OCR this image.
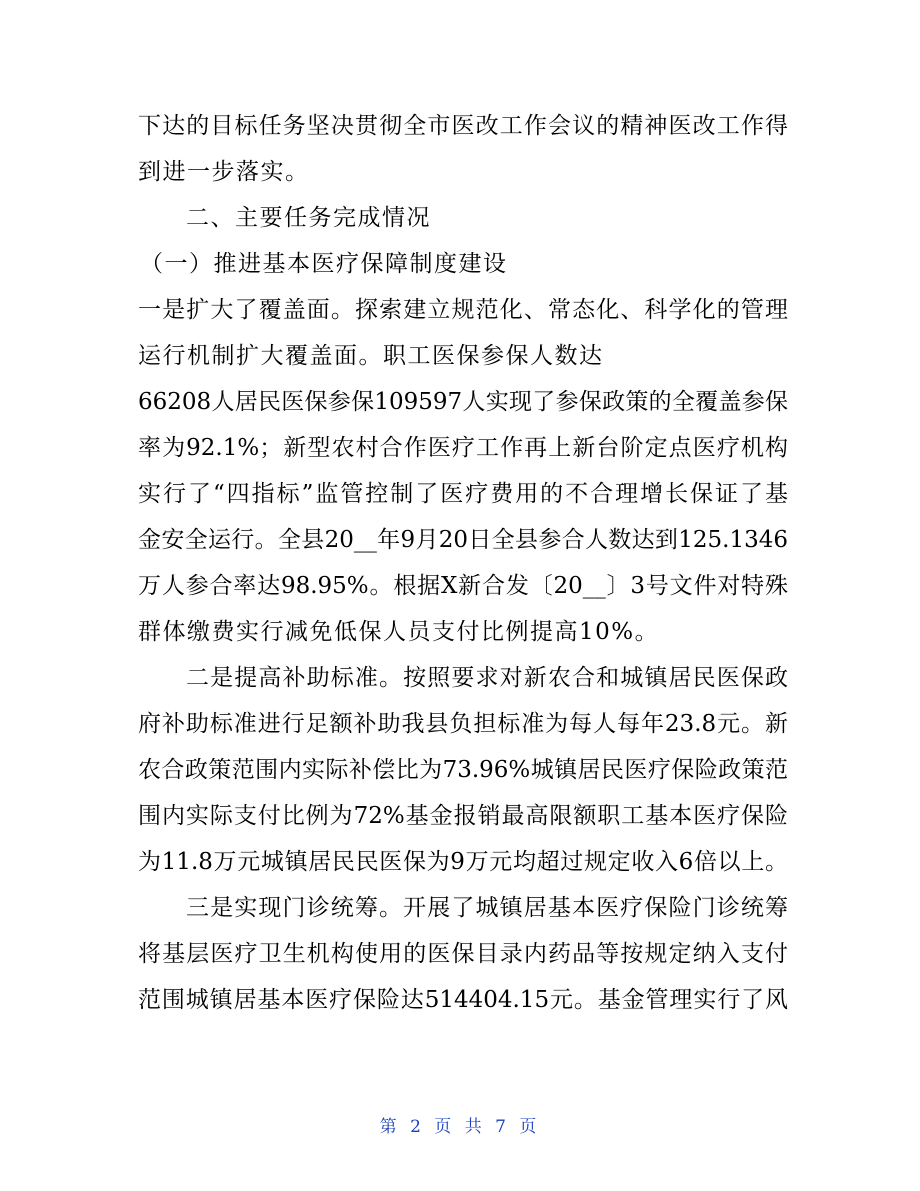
下达的目标任务坚决贯彻全市医改工作会议的精神医改工作得
到进一步落实。
二、主要任务完成情况
（一）推进基本医疗保障制度建设
一是扩大了覆盖面。探索建立规范化、常态化、科学化的管理
运行机制扩大覆盖面。职工医保参保人数达
66208人居民医保参保109597人实现了参保政策的全覆盖参保
率为92.1%；新型农村合作医疗工作再上新台阶定点医疗机构
实行了“四指标”监管控制了医疗费用的不合理增长保证了基
金安全运行。全县20__年9月20日全县参合人数达到125.1346
万人参合率达98.95%。根据X新合发〔20__〕3号文件对特殊
群体缴费实行减免低保人员支付比例提高10%。
二是提高补助标准。按照要求对新农合和城镇居民医保政
府补助标准进行足额补助我县负担标准为每人每年23.8元。新
农合政策范围内实际补偿比为73.96%城镇居民医疗保险政策范
围内实际支付比例为72%基金报销最高限额职工基本医疗保险
为11.8万元城镇居民民医保为9万元均超过规定收入6倍以上。
三是实现门诊统筹。开展了城镇居基本医疗保险门诊统筹
将基层医疗卫生机构使用的医保目录内药品等按规定纳入支付
范围城镇居基本医疗保险达514404.15元。基金管理实行了风
第 2 页 共 7 页
